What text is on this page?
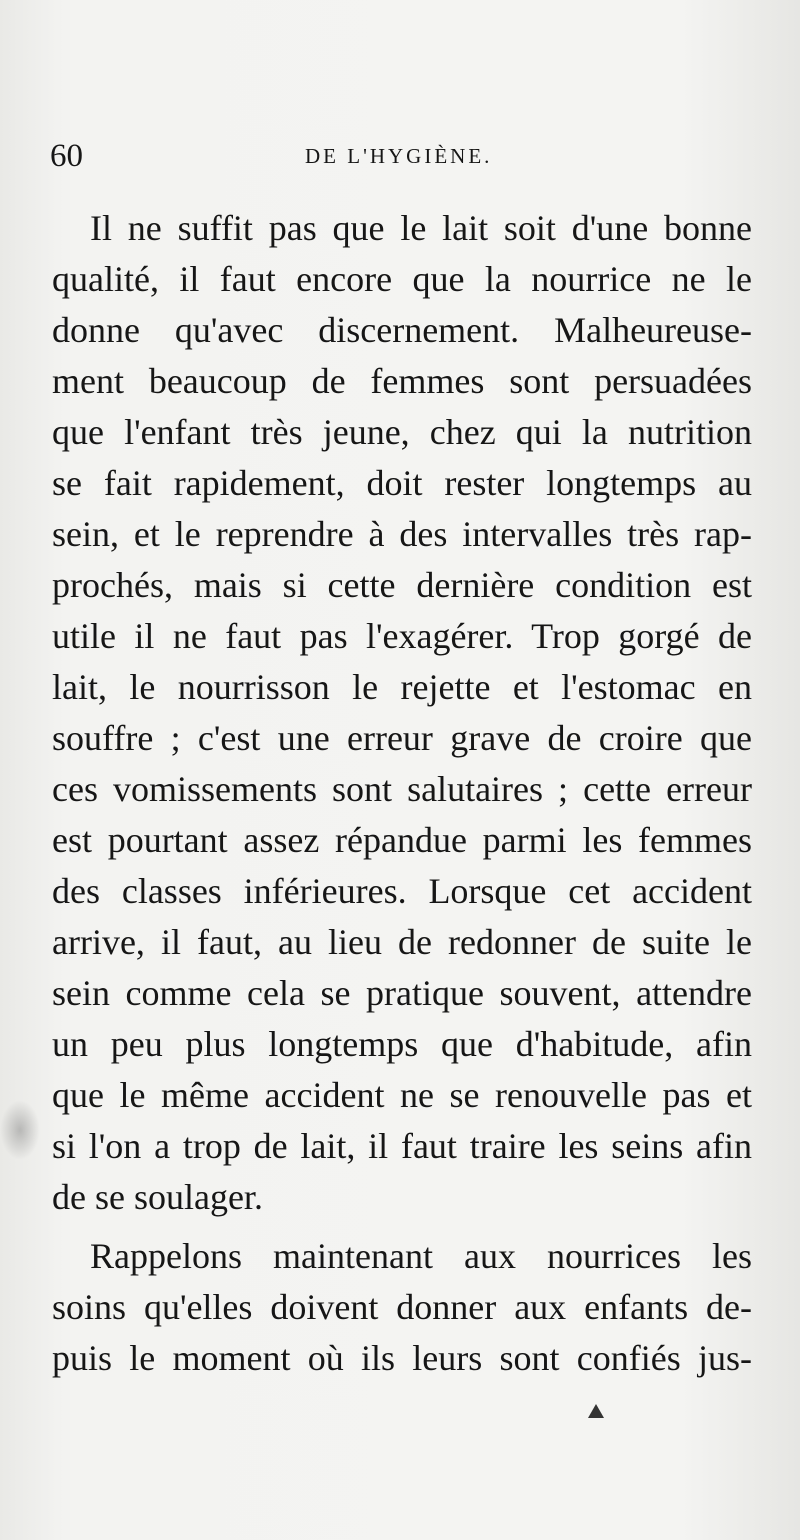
60	DE L'HYGIÈNE.
Il ne suffit pas que le lait soit d'une bonne
qualité, il faut encore que la nourrice ne le
donne qu'avec discernement. Malheureuse-
ment beaucoup de femmes sont persuadées
que l'enfant très jeune, chez qui la nutrition
se fait rapidement, doit rester longtemps au
sein, et le reprendre à des intervalles très rap-
prochés, mais si cette dernière condition est
utile il ne faut pas l'exagérer. Trop gorgé de
lait, le nourrisson le rejette et l'estomac en
souffre ; c'est une erreur grave de croire que
ces vomissements sont salutaires ; cette erreur
est pourtant assez répandue parmi les femmes
des classes inférieures. Lorsque cet accident
arrive, il faut, au lieu de redonner de suite le
sein comme cela se pratique souvent, attendre
un peu plus longtemps que d'habitude, afin
que le même accident ne se renouvelle pas et
si l'on a trop de lait, il faut traire les seins afin
de se soulager.
Rappelons maintenant aux nourrices les
soins qu'elles doivent donner aux enfants de-
puis le moment où ils leurs sont confiés jus-
